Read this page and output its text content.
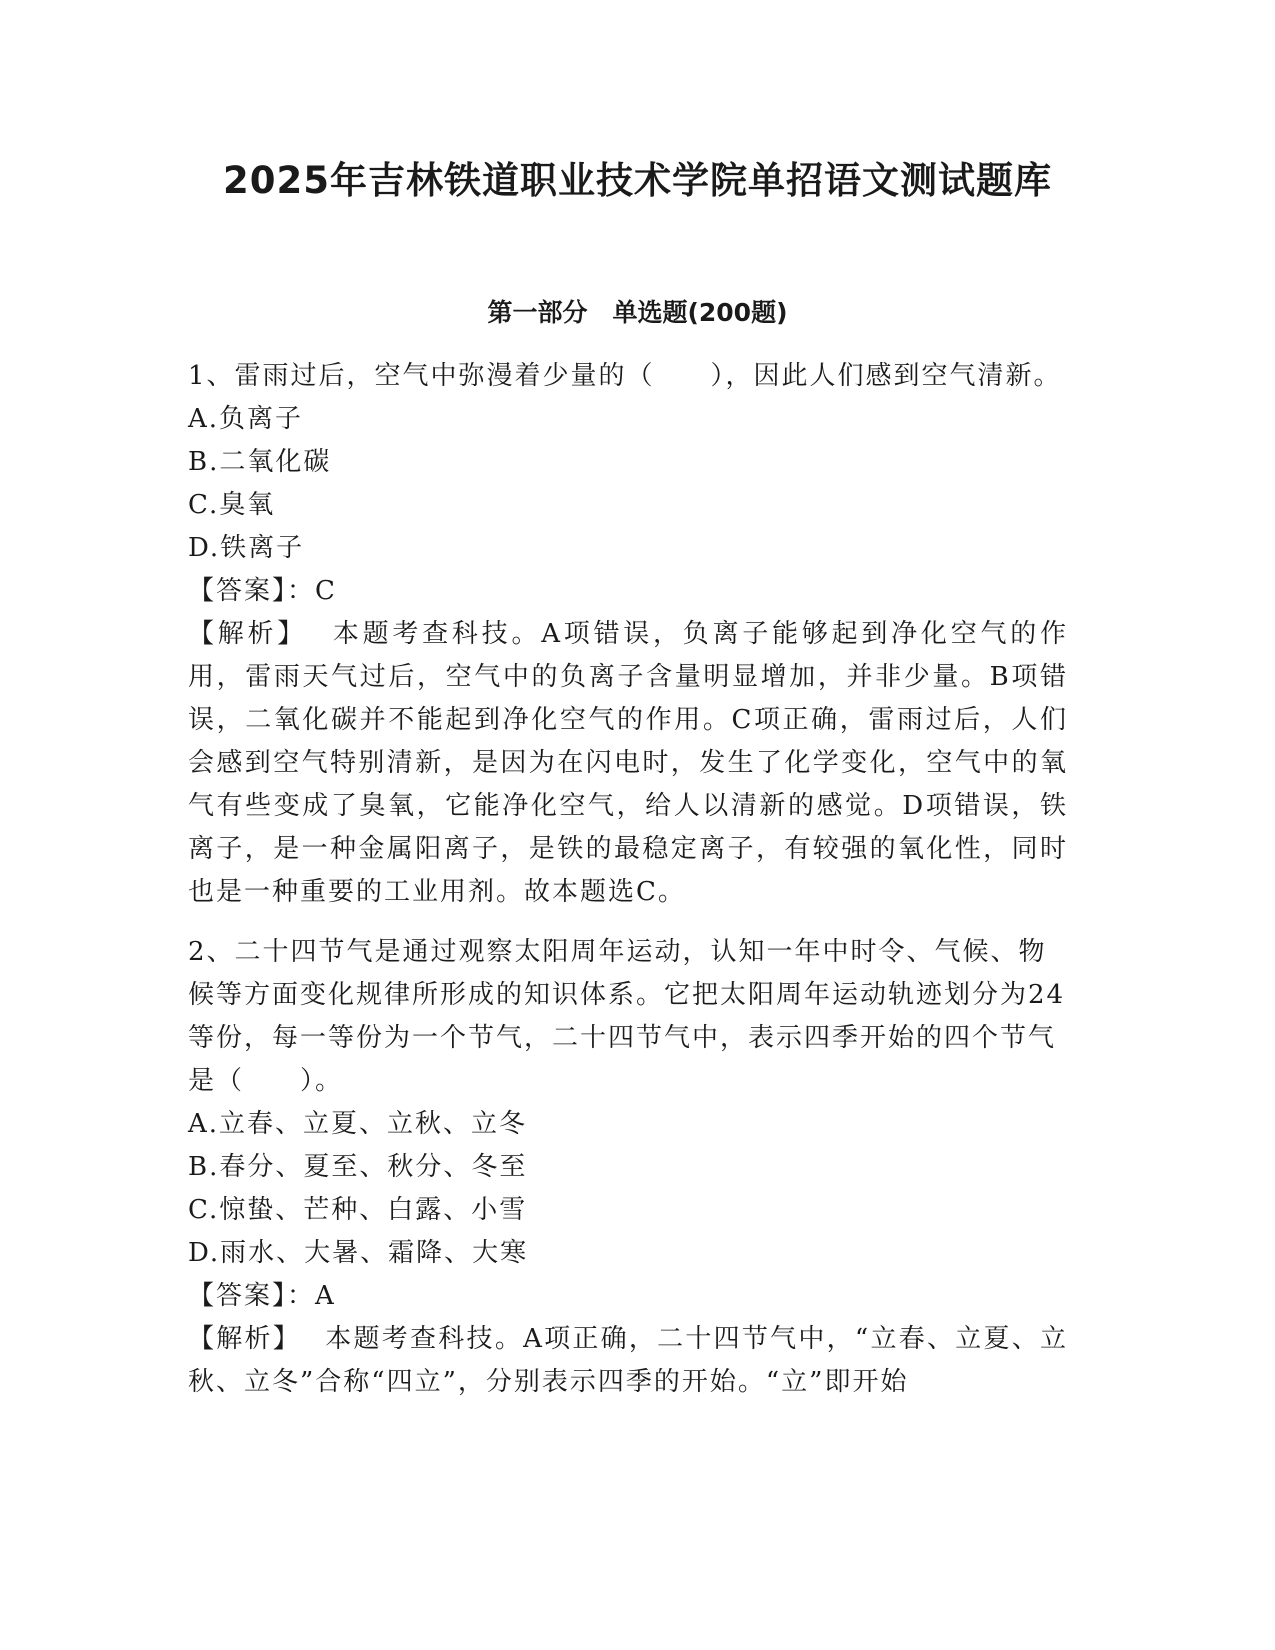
2025年吉林铁道职业技术学院单招语文测试题库
第一部分　单选题(200题)

1、雷雨过后，空气中弥漫着少量的（　　），因此人们感到空气清新。

A.负离子

B.二氧化碳

C.臭氧

D.铁离子

【答案】：C

【解析】 本题考查科技。A项错误，负离子能够起到净化空气的作用，雷雨天气过后，空气中的负离子含量明显增加，并非少量。B项错误，二氧化碳并不能起到净化空气的作用。C项正确，雷雨过后，人们会感到空气特别清新，是因为在闪电时，发生了化学变化，空气中的氧气有些变成了臭氧，它能净化空气，给人以清新的感觉。D项错误，铁离子，是一种金属阳离子，是铁的最稳定离子，有较强的氧化性，同时也是一种重要的工业用剂。故本题选C。

2、二十四节气是通过观察太阳周年运动，认知一年中时令、气候、物候等方面变化规律所形成的知识体系。它把太阳周年运动轨迹划分为24等份，每一等份为一个节气，二十四节气中，表示四季开始的四个节气是（　　）。

A.立春、立夏、立秋、立冬

B.春分、夏至、秋分、冬至

C.惊蛰、芒种、白露、小雪

D.雨水、大暑、霜降、大寒

【答案】：A

【解析】 本题考查科技。A项正确，二十四节气中，“立春、立夏、立秋、立冬”合称“四立”，分别表示四季的开始。“立”即开始
